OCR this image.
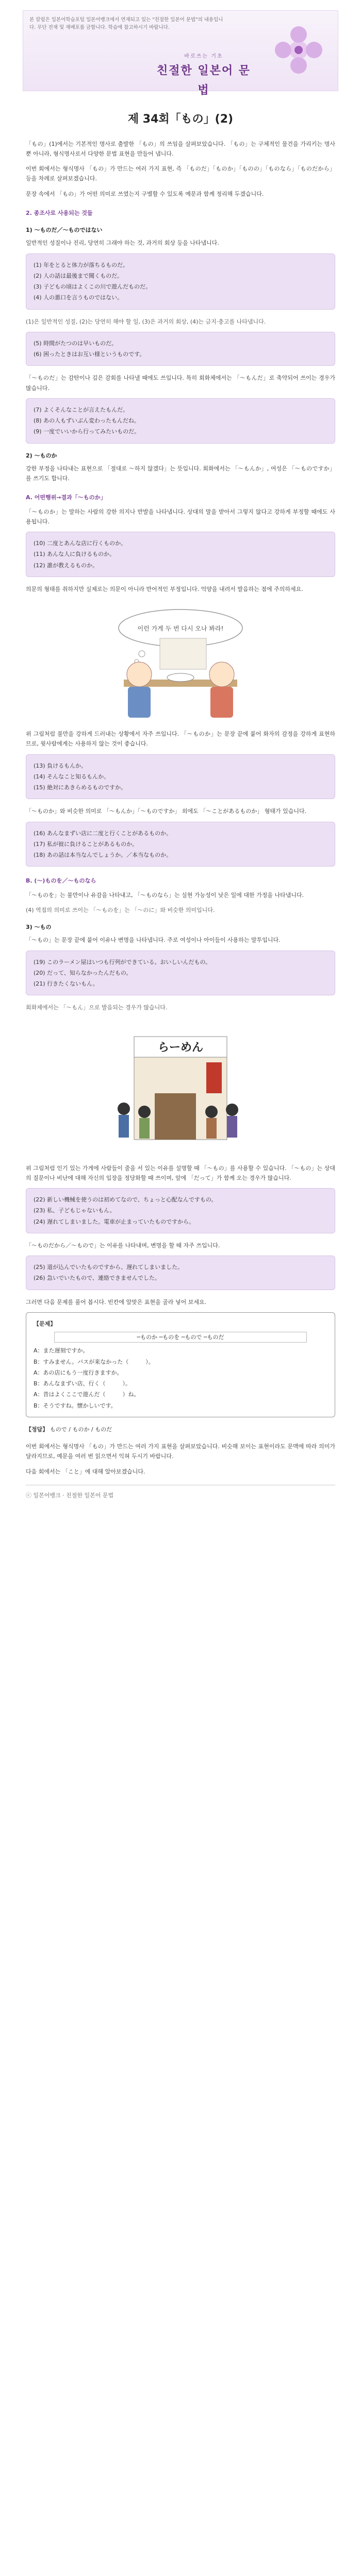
본 칼럼은 일본어학습포털 일본어뱅크에서 연재되고 있는 "친절한 일본어 문법"의 내용입니다. 무단 전재 및 재배포를 금합니다. 학습에 참고하시기 바랍니다.
바로쓰는 기초
친절한 일본어 문법
제 34회「もの」(2)

「もの」(1)에서는 기본적인 명사로 출발한 「もの」의 쓰임을 살펴보았습니다. 「もの」는 구체적인 물건을 가리키는 명사뿐 아니라, 형식명사로서 다양한 문법 표현을 만들어 냅니다.

이번 회에서는 형식명사 「もの」가 만드는 여러 가지 표현, 즉 「ものだ」「ものか」「ものの」「ものなら」「ものだから」 등을 차례로 살펴보겠습니다.

문장 속에서 「もの」가 어떤 의미로 쓰였는지 구별할 수 있도록 예문과 함께 정리해 두겠습니다.

2. 종조사로 사용되는 것들
1) ～ものだ／～ものではない

일반적인 성질이나 진리, 당연히 그래야 하는 것, 과거의 회상 등을 나타냅니다.

(1) 年をとると体力が落ちるものだ。
(2) 人の話は最後まで聞くものだ。
(3) 子どもの頃はよくこの川で遊んだものだ。
(4) 人の悪口を言うものではない。

(1)은 일반적인 성질, (2)는 당연히 해야 할 일, (3)은 과거의 회상, (4)는 금지·충고를 나타냅니다.

(5) 時間がたつのは早いものだ。
(6) 困ったときはお互い様というものです。

「～ものだ」는 감탄이나 깊은 감회를 나타낼 때에도 쓰입니다. 특히 회화체에서는 「～もんだ」로 축약되어 쓰이는 경우가 많습니다.

(7) よくそんなことが言えたもんだ。
(8) あの人もずいぶん変わったもんだね。
(9) 一度でいいから行ってみたいものだ。
2) ～ものか

강한 부정을 나타내는 표현으로 「절대로 ～하지 않겠다」는 뜻입니다. 회화에서는 「～もんか」, 여성은 「～ものですか」를 쓰기도 합니다.

A. 어떤행위→결과「～ものか」

「～ものか」는 말하는 사람의 강한 의지나 반발을 나타냅니다. 상대의 말을 받아서 그렇지 않다고 강하게 부정할 때에도 사용됩니다.

(10) 二度とあんな店に行くものか。
(11) あんな人に負けるものか。
(12) 誰が教えるものか。

의문의 형태를 취하지만 실제로는 의문이 아니라 반어적인 부정입니다. 억양을 내려서 발음하는 점에 주의하세요.

이런 가게 두 번 다시 오나 봐라!

위 그림처럼 불만을 강하게 드러내는 상황에서 자주 쓰입니다. 「～ものか」는 문장 끝에 붙어 화자의 감정을 강하게 표현하므로, 윗사람에게는 사용하지 않는 것이 좋습니다.

(13) 負けるもんか。
(14) そんなこと知るもんか。
(15) 絶対にあきらめるものですか。

「～ものか」와 비슷한 의미로 「～もんか」「～ものですか」 외에도 「～ことがあるものか」 형태가 있습니다.

(16) あんなまずい店に二度と行くことがあるものか。
(17) 私が彼に負けることがあるものか。
(18) あの話は本当なんでしょうか。／本当なものか。
B. (～)ものを／～ものなら

「～ものを」는 불만이나 유감을 나타내고, 「～ものなら」는 실현 가능성이 낮은 일에 대한 가정을 나타냅니다.

(4) 역접의 의미로 쓰이는 「～ものを」는 「～のに」와 비슷한 의미입니다.

3) ～もの

「～もの」는 문장 끝에 붙어 이유나 변명을 나타냅니다. 주로 여성이나 아이들이 사용하는 말투입니다.

(19) このラーメン屋はいつも行列ができている。おいしいんだもの。
(20) だって、知らなかったんだもの。
(21) 行きたくないもん。

회화체에서는 「～もん」으로 발음되는 경우가 많습니다.

らーめん

위 그림처럼 인기 있는 가게에 사람들이 줄을 서 있는 이유를 설명할 때 「～もの」를 사용할 수 있습니다. 「～もの」는 상대의 질문이나 비난에 대해 자신의 입장을 정당화할 때 쓰이며, 앞에 「だって」가 함께 오는 경우가 많습니다.

(22) 新しい機械を使うのは初めてなので、ちょっと心配なんですもの。
(23) 私、子どもじゃないもん。
(24) 遅れてしまいました。電車が止まっていたものですから。

「～ものだから／～もので」는 이유를 나타내며, 변명을 할 때 자주 쓰입니다.

(25) 道が込んでいたものですから、遅れてしまいました。
(26) 急いでいたもので、連絡できませんでした。

그러면 다음 문제를 풀어 봅시다. 빈칸에 알맞은 표현을 골라 넣어 보세요.

【문제】
─ものか ─ものを ─もので ─ものだ
A：また遅刻ですか。
B：すみません。バスが来なかった（　　　）。
A：あの店にもう一度行きますか。
B：あんなまずい店、行く（　　　）。
A：昔はよくここで遊んだ（　　　）ね。
B：そうですね。懐かしいです。
【정답】 もので / ものか / ものだ

이번 회에서는 형식명사 「もの」가 만드는 여러 가지 표현을 살펴보았습니다. 비슷해 보이는 표현이라도 문맥에 따라 의미가 달라지므로, 예문을 여러 번 읽으면서 익혀 두시기 바랍니다.

다음 회에서는 「こと」에 대해 알아보겠습니다.

ⓒ 일본어뱅크 · 친절한 일본어 문법
